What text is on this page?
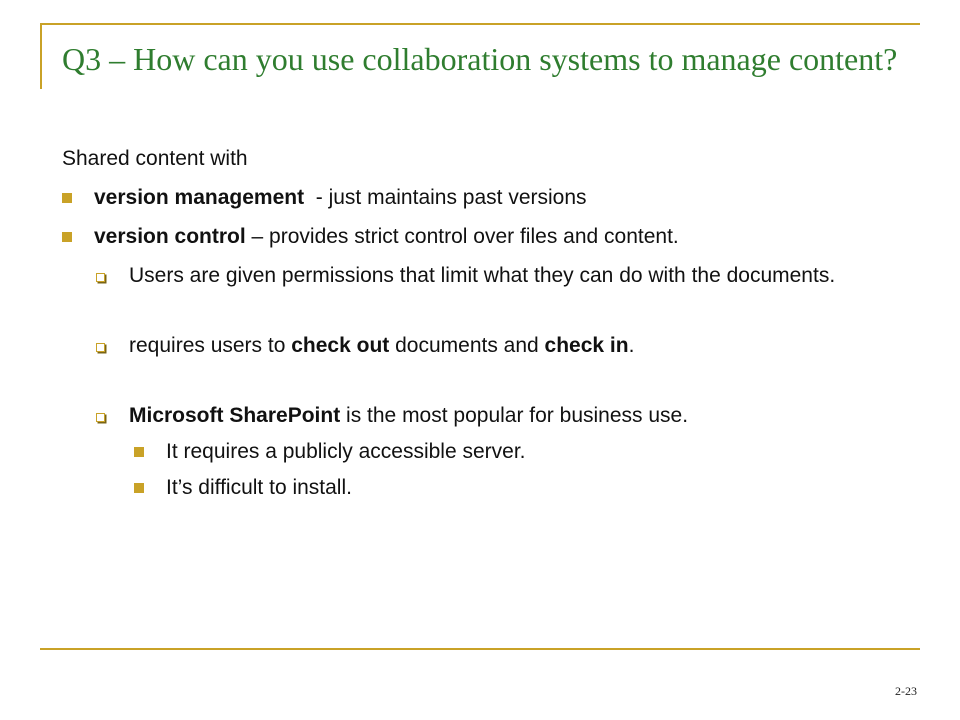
Q3 – How can you use collaboration systems to manage content?

Shared content with

version management  - just maintains past versions
version control – provides strict control over files and content.
Users are given permissions that limit what they can do with the documents.
requires users to check out documents and check in.
Microsoft SharePoint is the most popular for business use.
It requires a publicly accessible server.
It’s difficult to install.
2-23
